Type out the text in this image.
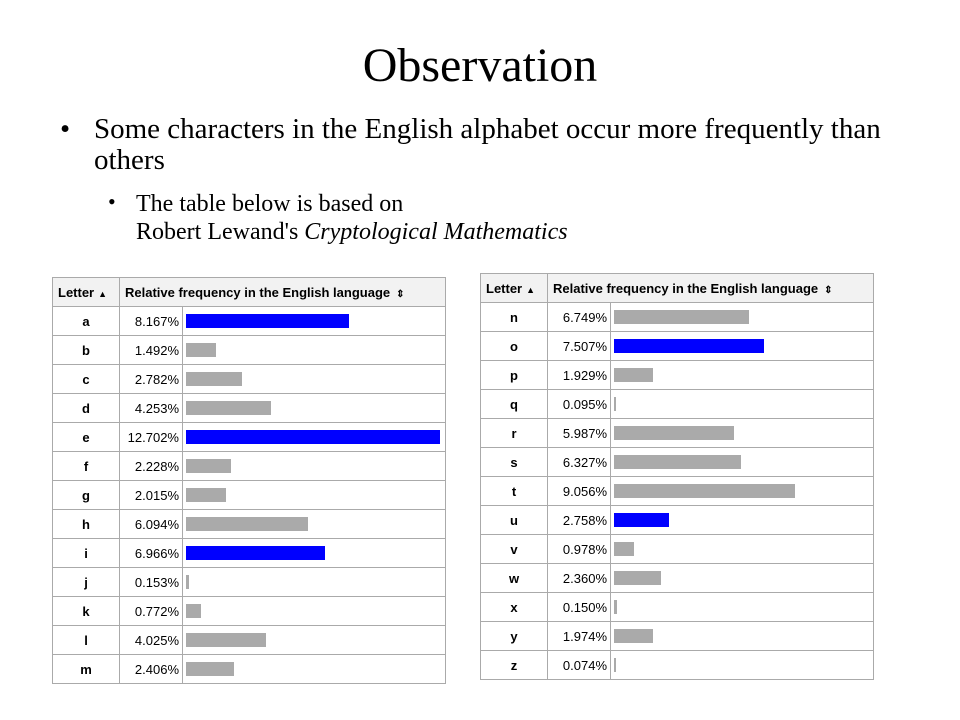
Observation
• Some characters in the English alphabet occur more frequently than others
• The table below is based on
Robert Lewand's Cryptological Mathematics
Letter ▲	Relative frequency in the English language ⇕	
a	8.167%	

b	1.492%	

c	2.782%	

d	4.253%	

e	12.702%	

f	2.228%	

g	2.015%	

h	6.094%	

i	6.966%	

j	0.153%	

k	0.772%	

l	4.025%	

m	2.406%	
Letter ▲	Relative frequency in the English language ⇕	
n	6.749%	

o	7.507%	

p	1.929%	

q	0.095%	

r	5.987%	

s	6.327%	

t	9.056%	

u	2.758%	

v	0.978%	

w	2.360%	

x	0.150%	

y	1.974%	

z	0.074%	
